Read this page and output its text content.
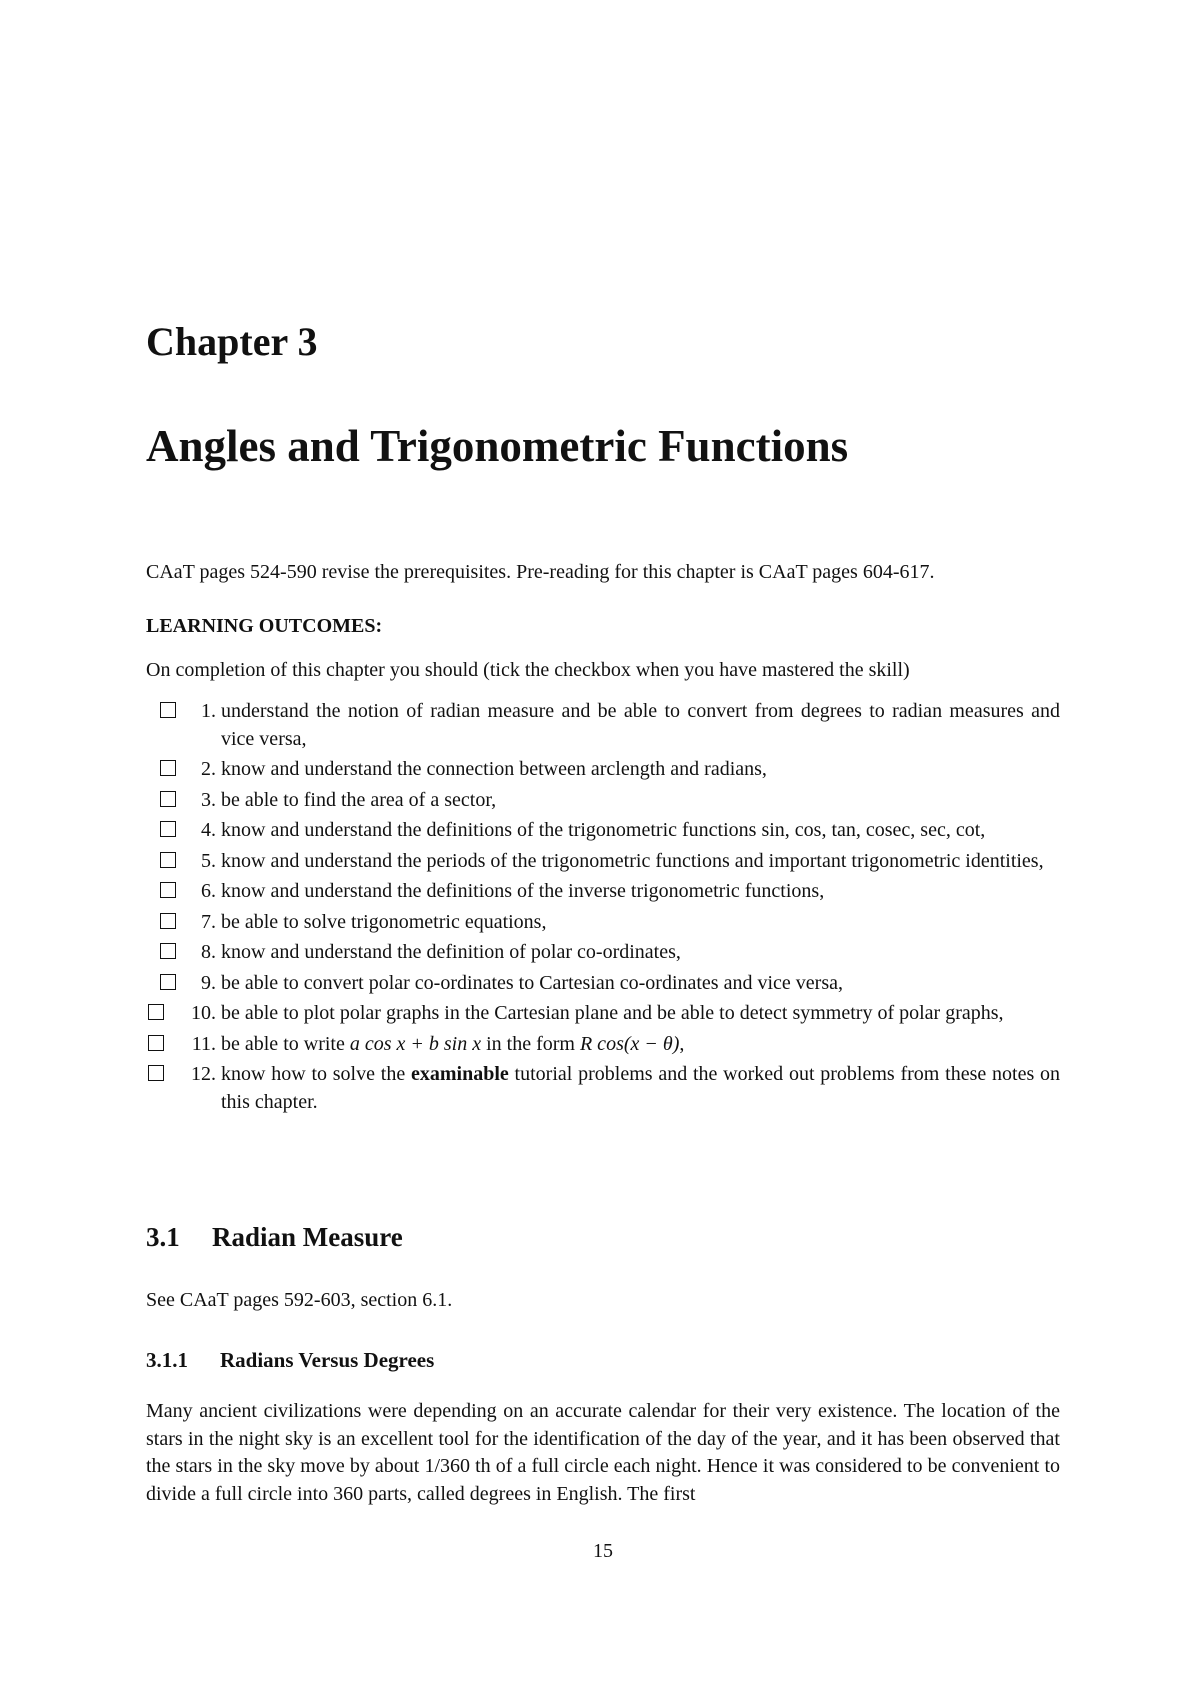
Chapter 3
Angles and Trigonometric Functions
CAaT pages 524-590 revise the prerequisites. Pre-reading for this chapter is CAaT pages 604-617.
LEARNING OUTCOMES:
On completion of this chapter you should (tick the checkbox when you have mastered the skill)
1. understand the notion of radian measure and be able to convert from degrees to radian measures and vice versa,
2. know and understand the connection between arclength and radians,
3. be able to find the area of a sector,
4. know and understand the definitions of the trigonometric functions sin, cos, tan, cosec, sec, cot,
5. know and understand the periods of the trigonometric functions and important trigonometric identities,
6. know and understand the definitions of the inverse trigonometric functions,
7. be able to solve trigonometric equations,
8. know and understand the definition of polar co-ordinates,
9. be able to convert polar co-ordinates to Cartesian co-ordinates and vice versa,
10. be able to plot polar graphs in the Cartesian plane and be able to detect symmetry of polar graphs,
11. be able to write a cos x + b sin x in the form R cos(x − θ),
12. know how to solve the examinable tutorial problems and the worked out problems from these notes on this chapter.
3.1 Radian Measure
See CAaT pages 592-603, section 6.1.
3.1.1 Radians Versus Degrees

Many ancient civilizations were depending on an accurate calendar for their very existence. The location of the stars in the night sky is an excellent tool for the identification of the day of the year, and it has been observed that the stars in the sky move by about 1/360 th of a full circle each night. Hence it was considered to be convenient to divide a full circle into 360 parts, called degrees in English. The first

15
